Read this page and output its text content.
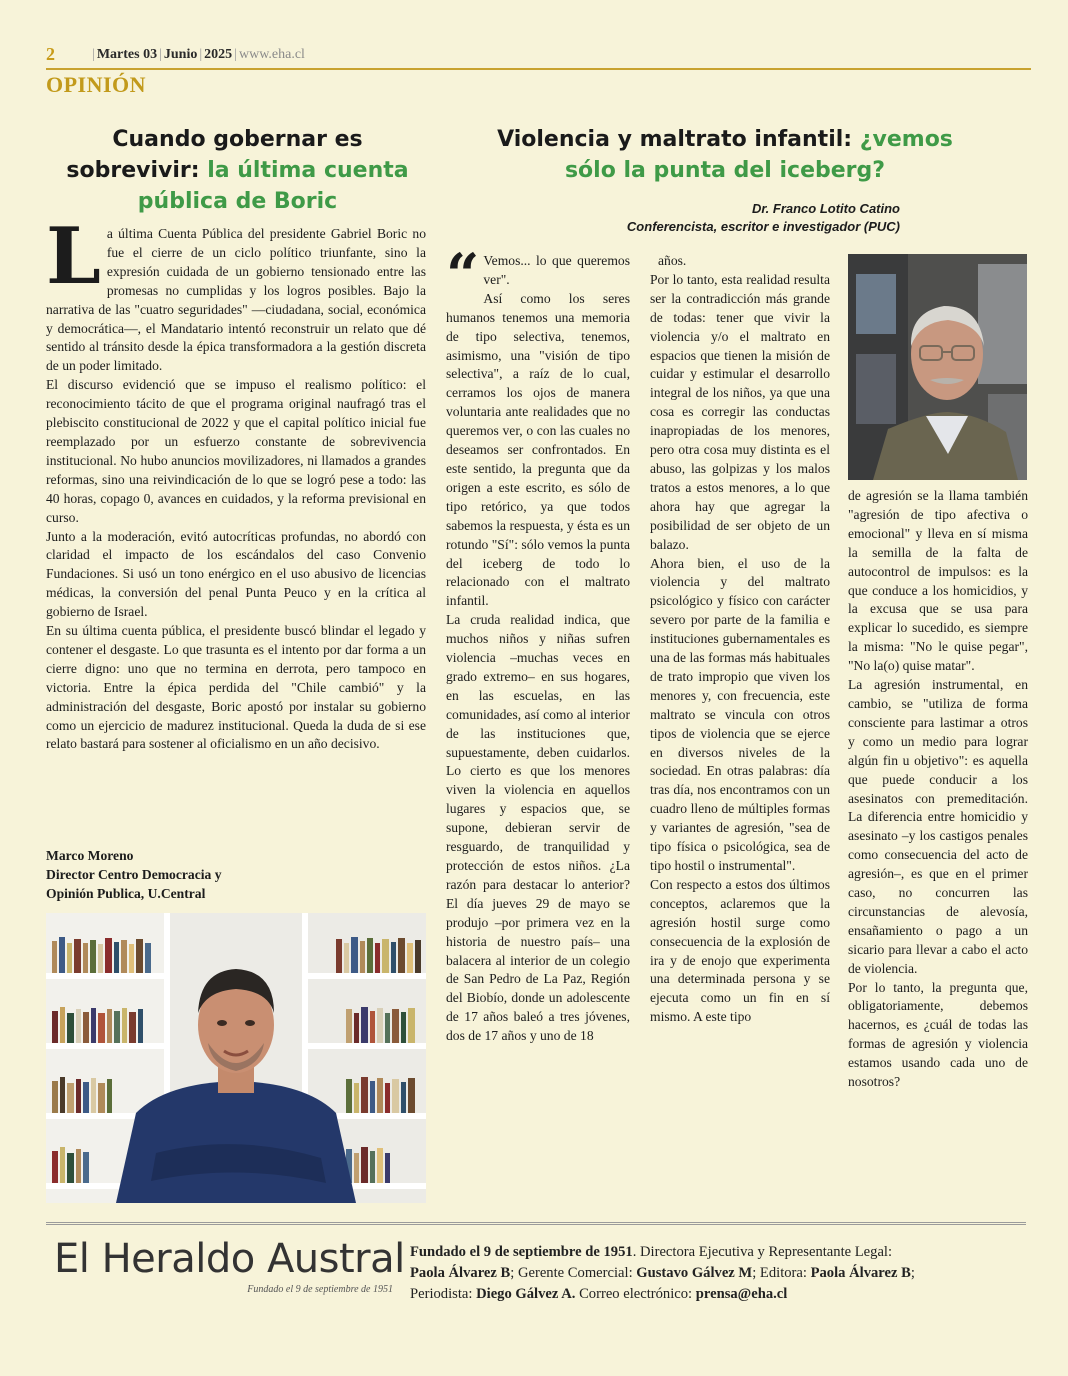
2	| Martes 03 | Junio | 2025 | www.eha.cl
OPINIÓN
Cuando gobernar es sobrevivir: la última cuenta pública de Boric
Violencia y maltrato infantil: ¿vemos sólo la punta del iceberg?
Dr. Franco Lotito Catino
Conferencista, escritor e investigador (PUC)
L a última Cuenta Pública del presidente Gabriel Boric no fue el cierre de un ciclo político triunfante, sino la expresión cuidada de un gobierno tensionado entre las promesas no cumplidas y los logros posibles. Bajo la narrativa de las "cuatro seguridades" —ciudadana, social, económica y democrática—, el Mandatario intentó reconstruir un relato que dé sentido al tránsito desde la épica transformadora a la gestión discreta de un poder limitado.

El discurso evidenció que se impuso el realismo político: el reconocimiento tácito de que el programa original naufragó tras el plebiscito constitucional de 2022 y que el capital político inicial fue reemplazado por un esfuerzo constante de sobrevivencia institucional. No hubo anuncios movilizadores, ni llamados a grandes reformas, sino una reivindicación de lo que se logró pese a todo: las 40 horas, copago 0, avances en cuidados, y la reforma previsional en curso.

Junto a la moderación, evitó autocríticas profundas, no abordó con claridad el impacto de los escándalos del caso Convenio Fundaciones. Si usó un tono enérgico en el uso abusivo de licencias médicas, la conversión del penal Punta Peuco y en la crítica al gobierno de Israel.

En su última cuenta pública, el presidente buscó blindar el legado y contener el desgaste. Lo que trasunta es el intento por dar forma a un cierre digno: uno que no termina en derrota, pero tampoco en victoria. Entre la épica perdida del "Chile cambió" y la administración del desgaste, Boric apostó por instalar su gobierno como un ejercicio de madurez institucional. Queda la duda de si ese relato bastará para sostener al oficialismo en un año decisivo.

Marco Moreno
Director Centro Democracia y
Opinión Publica, U.Central
“ Vemos... lo que queremos ver".

Así como los seres humanos tenemos una memoria de tipo selectiva, tenemos, asimismo, una "visión de tipo selectiva", a raíz de lo cual, cerramos los ojos de manera voluntaria ante realidades que no queremos ver, o con las cuales no deseamos ser confrontados. En este sentido, la pregunta que da origen a este escrito, es sólo de tipo retórico, ya que todos sabemos la respuesta, y ésta es un rotundo "Sí": sólo vemos la punta del iceberg de todo lo relacionado con el maltrato infantil.

La cruda realidad indica, que muchos niños y niñas sufren violencia –muchas veces en grado extremo– en sus hogares, en las escuelas, en las comunidades, así como al interior de las instituciones que, supuestamente, deben cuidarlos. Lo cierto es que los menores viven la violencia en aquellos lugares y espacios que, se supone, debieran servir de resguardo, de tranquilidad y protección de estos niños. ¿La razón para destacar lo anterior? El día jueves 29 de mayo se produjo –por primera vez en la historia de nuestro país– una balacera al interior de un colegio de San Pedro de La Paz, Región del Biobío, donde un adolescente de 17 años baleó a tres jóvenes, dos de 17 años y uno de 18

años.

Por lo tanto, esta realidad resulta ser la contradicción más grande de todas: tener que vivir la violencia y/o el maltrato en espacios que tienen la misión de cuidar y estimular el desarrollo integral de los niños, ya que una cosa es corregir las conductas inapropiadas de los menores, pero otra cosa muy distinta es el abuso, las golpizas y los malos tratos a estos menores, a lo que ahora hay que agregar la posibilidad de ser objeto de un balazo.

Ahora bien, el uso de la violencia y del maltrato psicológico y físico con carácter severo por parte de la familia e instituciones gubernamentales es una de las formas más habituales de trato impropio que viven los menores y, con frecuencia, este maltrato se vincula con otros tipos de violencia que se ejerce en diversos niveles de la sociedad. En otras palabras: día tras día, nos encontramos con un cuadro lleno de múltiples formas y variantes de agresión, "sea de tipo física o psicológica, sea de tipo hostil o instrumental".

Con respecto a estos dos últimos conceptos, aclaremos que la agresión hostil surge como consecuencia de la explosión de ira y de enojo que experimenta una determinada persona y se ejecuta como un fin en sí mismo. A este tipo

de agresión se la llama también "agresión de tipo afectiva o emocional" y lleva en sí misma la semilla de la falta de autocontrol de impulsos: es la que conduce a los homicidios, y la excusa que se usa para explicar lo sucedido, es siempre la misma: "No le quise pegar", "No la(o) quise matar".

La agresión instrumental, en cambio, se "utiliza de forma consciente para lastimar a otros y como un medio para lograr algún fin u objetivo": es aquella que puede conducir a los asesinatos con premeditación. La diferencia entre homicidio y asesinato –y los castigos penales como consecuencia del acto de agresión–, es que en el primer caso, no concurren las circunstancias de alevosía, ensañamiento o pago a un sicario para llevar a cabo el acto de violencia.

Por lo tanto, la pregunta que, obligatoriamente, debemos hacernos, es ¿cuál de todas las formas de agresión y violencia estamos usando cada uno de nosotros?

El Heraldo Austral
Fundado el 9 de septiembre de 1951
Fundado el 9 de septiembre de 1951. Directora Ejecutiva y Representante Legal:
Paola Álvarez B; Gerente Comercial: Gustavo Gálvez M; Editora: Paola Álvarez B;
Periodista: Diego Gálvez A. Correo electrónico: prensa@eha.cl
